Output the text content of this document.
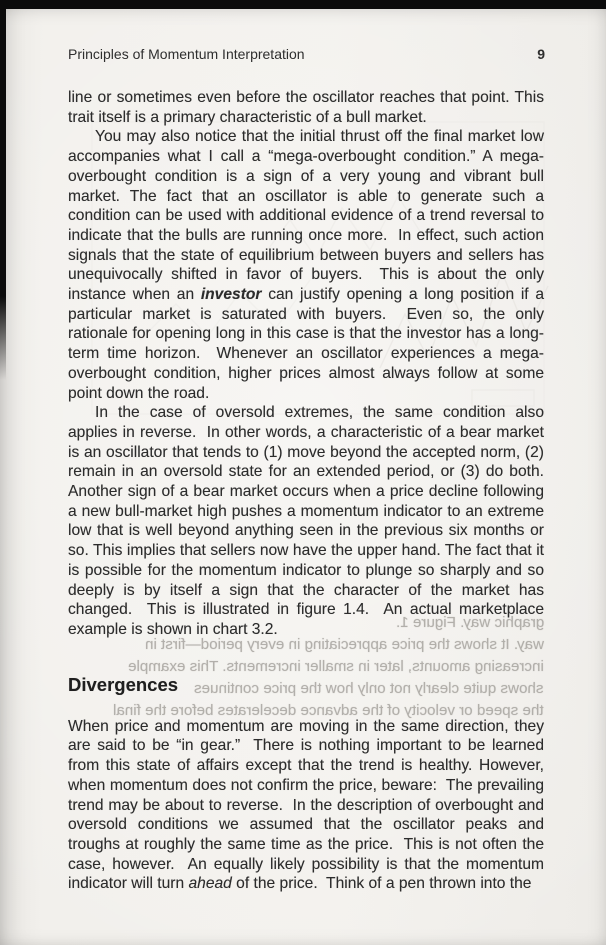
graphic way. Figure 1.
way. It shows the price appreciating in every period—first in
increasing amounts, later in smaller increments. This example
shows quite clearly not only how the price continues
the speed or velocity of the advance decelerates before the final
Principles of Momentum Interpretation	9

line or sometimes even before the oscillator reaches that point. This trait itself is a primary characteristic of a bull market.

You may also notice that the initial thrust off the final market low accompanies what I call a “mega-overbought condition.” A mega-overbought condition is a sign of a very young and vibrant bull market. The fact that an oscillator is able to generate such a condition can be used with additional evidence of a trend reversal to indicate that the bulls are running once more.  In effect, such action signals that the state of equilibrium between buyers and sellers has unequivocally shifted in favor of buyers.  This is about the only instance when an investor can justify opening a long position if a particular market is saturated with buyers.  Even so, the only rationale for opening long in this case is that the investor has a long-term time horizon.  Whenever an oscillator experiences a mega-overbought condition, higher prices almost always follow at some point down the road.

In the case of oversold extremes, the same condition also applies in reverse.  In other words, a characteristic of a bear market is an oscillator that tends to (1) move beyond the accepted norm, (2) remain in an oversold state for an extended period, or (3) do both. Another sign of a bear market occurs when a price decline following a new bull-market high pushes a momentum indicator to an extreme low that is well beyond anything seen in the previous six months or so. This implies that sellers now have the upper hand. The fact that it is possible for the momentum indicator to plunge so sharply and so deeply is by itself a sign that the character of the market has changed.  This is illustrated in figure 1.4.  An actual marketplace example is shown in chart 3.2.

Divergences

When price and momentum are moving in the same direction, they are said to be “in gear.”  There is nothing important to be learned from this state of affairs except that the trend is healthy. However, when momentum does not confirm the price, beware:  The prevailing trend may be about to reverse.  In the description of overbought and oversold conditions we assumed that the oscillator peaks and troughs at roughly the same time as the price.  This is not often the case, however.  An equally likely possibility is that the momentum indicator will turn ahead of the price.  Think of a pen thrown into the
